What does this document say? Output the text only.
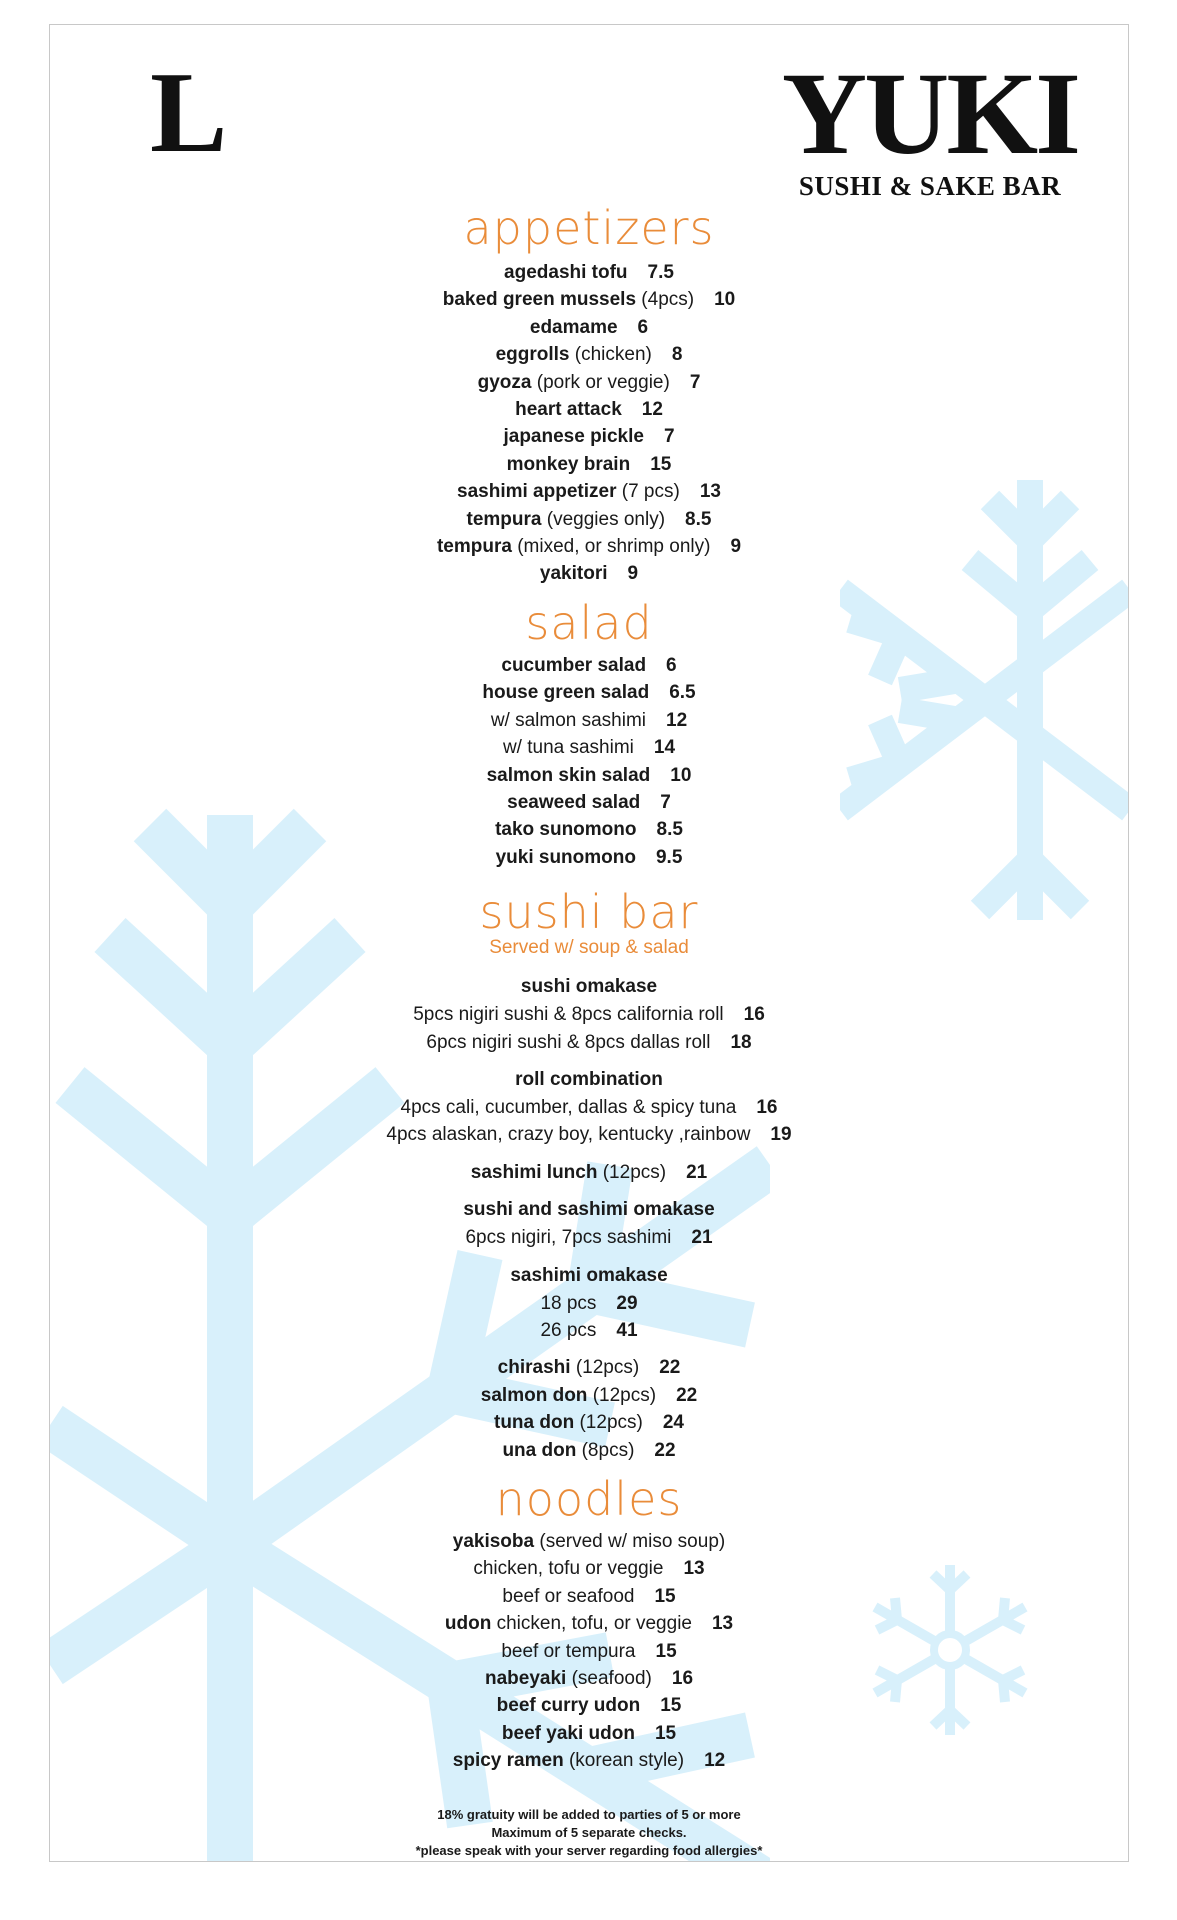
L	YUKI
SUSHI & SAKE BAR
appetizers
agedashi tofu 7.5
baked green mussels (4pcs) 10
edamame 6
eggrolls (chicken) 8
gyoza (pork or veggie) 7
heart attack 12
japanese pickle 7
monkey brain 15
sashimi appetizer (7 pcs) 13
tempura (veggies only) 8.5
tempura (mixed, or shrimp only) 9
yakitori 9
salad
cucumber salad 6
house green salad 6.5
w/ salmon sashimi 12
w/ tuna sashimi 14
salmon skin salad 10
seaweed salad 7
tako sunomono 8.5
yuki sunomono 9.5
sushi bar
Served w/ soup & salad
sushi omakase
5pcs nigiri sushi & 8pcs california roll 16
6pcs nigiri sushi & 8pcs dallas roll 18
roll combination
4pcs cali, cucumber, dallas & spicy tuna 16
4pcs alaskan, crazy boy, kentucky ,rainbow 19
sashimi lunch (12pcs) 21
sushi and sashimi omakase
6pcs nigiri, 7pcs sashimi 21
sashimi omakase
18 pcs 29
26 pcs 41
chirashi (12pcs) 22
salmon don (12pcs) 22
tuna don (12pcs) 24
una don (8pcs) 22
noodles
yakisoba (served w/ miso soup)
chicken, tofu or veggie 13
beef or seafood 15
udon chicken, tofu, or veggie 13
beef or tempura 15
nabeyaki (seafood) 16
beef curry udon 15
beef yaki udon 15
spicy ramen (korean style) 12
18% gratuity will be added to parties of 5 or more
Maximum of 5 separate checks.
*please speak with your server regarding food allergies*
